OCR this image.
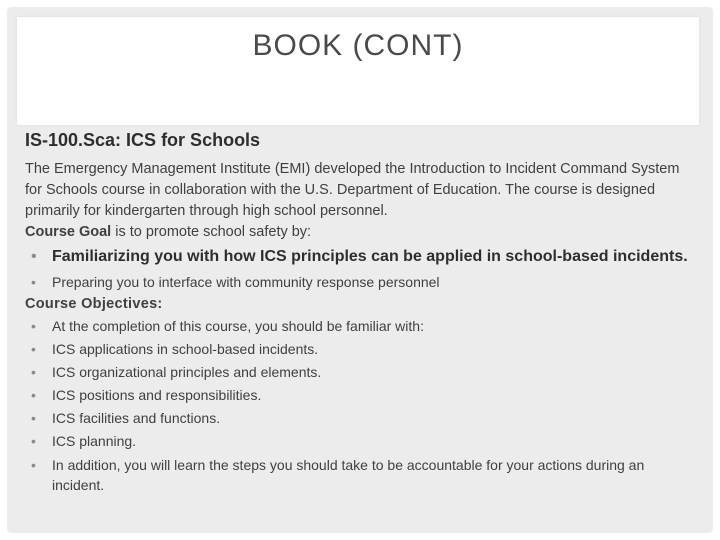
BOOK (CONT)
IS-100.Sca: ICS for Schools

The Emergency Management Institute (EMI) developed the Introduction to Incident Command System for Schools course in collaboration with the U.S. Department of Education. The course is designed primarily for kindergarten through high school personnel.
Course Goal is to promote school safety by:

• Familiarizing you with how ICS principles can be applied in school-based incidents.
• Preparing you to interface with community response personnel
Course Objectives:
• At the completion of this course, you should be familiar with:
• ICS applications in school-based incidents.
• ICS organizational principles and elements.
• ICS positions and responsibilities.
• ICS facilities and functions.
• ICS planning.
• In addition, you will learn the steps you should take to be accountable for your actions during an incident.
